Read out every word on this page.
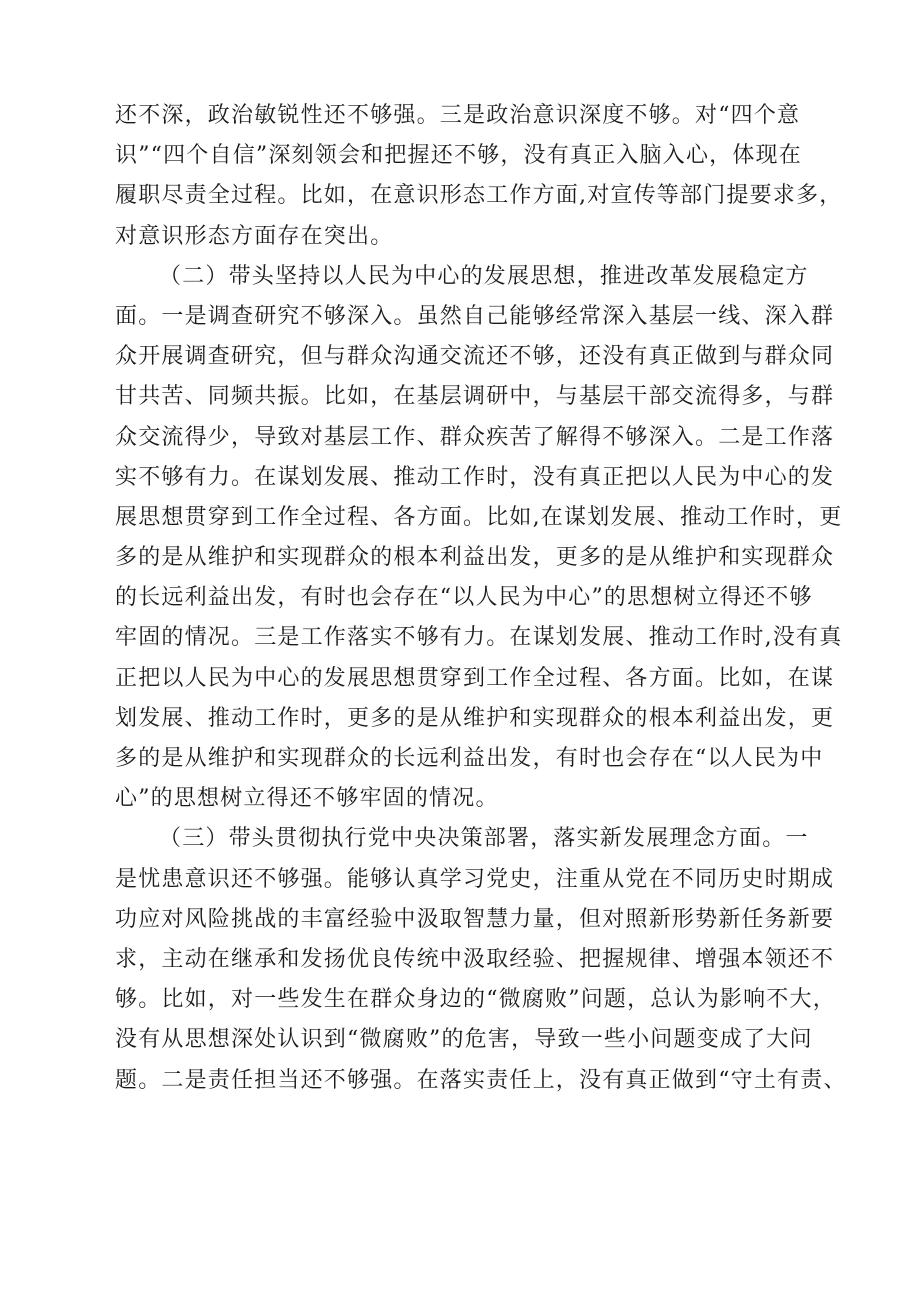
还不深，政治敏锐性还不够强。三是政治意识深度不够。对“四个意
识”“四个自信”深刻领会和把握还不够，没有真正入脑入心，体现在
履职尽责全过程。比如，在意识形态工作方面,对宣传等部门提要求多，
对意识形态方面存在突出。
（二）带头坚持以人民为中心的发展思想，推进改革发展稳定方
面。一是调查研究不够深入。虽然自己能够经常深入基层一线、深入群
众开展调查研究，但与群众沟通交流还不够，还没有真正做到与群众同
甘共苦、同频共振。比如，在基层调研中，与基层干部交流得多，与群
众交流得少，导致对基层工作、群众疾苦了解得不够深入。二是工作落
实不够有力。在谋划发展、推动工作时，没有真正把以人民为中心的发
展思想贯穿到工作全过程、各方面。比如,在谋划发展、推动工作时，更
多的是从维护和实现群众的根本利益出发，更多的是从维护和实现群众
的长远利益出发，有时也会存在“以人民为中心”的思想树立得还不够
牢固的情况。三是工作落实不够有力。在谋划发展、推动工作时,没有真
正把以人民为中心的发展思想贯穿到工作全过程、各方面。比如，在谋
划发展、推动工作时，更多的是从维护和实现群众的根本利益出发，更
多的是从维护和实现群众的长远利益出发，有时也会存在“以人民为中
心”的思想树立得还不够牢固的情况。
（三）带头贯彻执行党中央决策部署，落实新发展理念方面。一
是忧患意识还不够强。能够认真学习党史，注重从党在不同历史时期成
功应对风险挑战的丰富经验中汲取智慧力量，但对照新形势新任务新要
求，主动在继承和发扬优良传统中汲取经验、把握规律、增强本领还不
够。比如，对一些发生在群众身边的“微腐败”问题，总认为影响不大，
没有从思想深处认识到“微腐败”的危害，导致一些小问题变成了大问
题。二是责任担当还不够强。在落实责任上，没有真正做到“守土有责、
